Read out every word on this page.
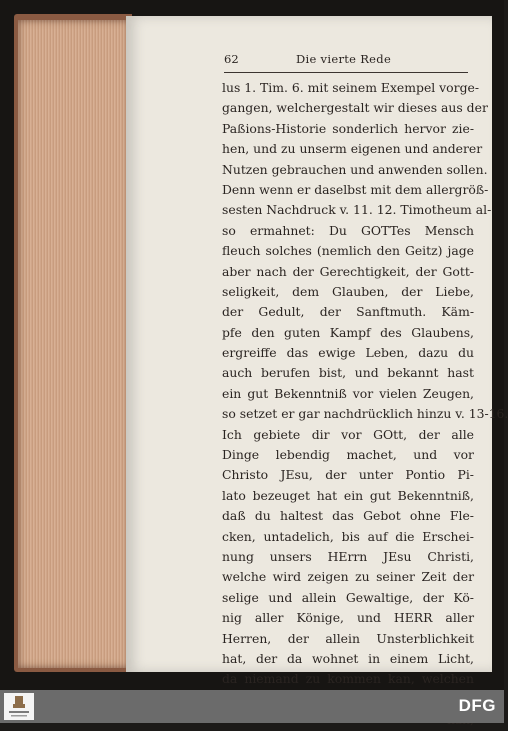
62	Die vierte Rede
lus 1. Tim. 6. mit seinem Exempel vorge-
gangen, welchergestalt wir dieses aus der
Paßions-Historie sonderlich hervor zie-
hen, und zu unserm eigenen und anderer
Nutzen gebrauchen und anwenden sollen.
Denn wenn er daselbst mit dem allergröß-
sesten Nachdruck v. 11. 12. Timotheum al-
so ermahnet: Du GOTTes Mensch
fleuch solches (nemlich den Geitz) jage
aber nach der Gerechtigkeit, der Gott-
seligkeit, dem Glauben, der Liebe,
der Gedult, der Sanftmuth. Käm-
pfe den guten Kampf des Glaubens,
ergreiffe das ewige Leben, dazu du
auch berufen bist, und bekannt hast
ein gut Bekenntniß vor vielen Zeugen,
so setzet er gar nachdrücklich hinzu v. 13-16.
Ich gebiete dir vor GOtt, der alle
Dinge lebendig machet, und vor
Christo JEsu, der unter Pontio Pi-
lato bezeuget hat ein gut Bekenntniß,
daß du haltest das Gebot ohne Fle-
cken, untadelich, bis auf die Erschei-
nung unsers HErrn JEsu Christi,
welche wird zeigen zu seiner Zeit der
selige und allein Gewaltige, der Kö-
nig aller Könige, und HERR aller
Herren, der allein Unsterblichkeit
hat, der da wohnet in einem Licht,
da niemand zu kommen kan, welchen
DFG
